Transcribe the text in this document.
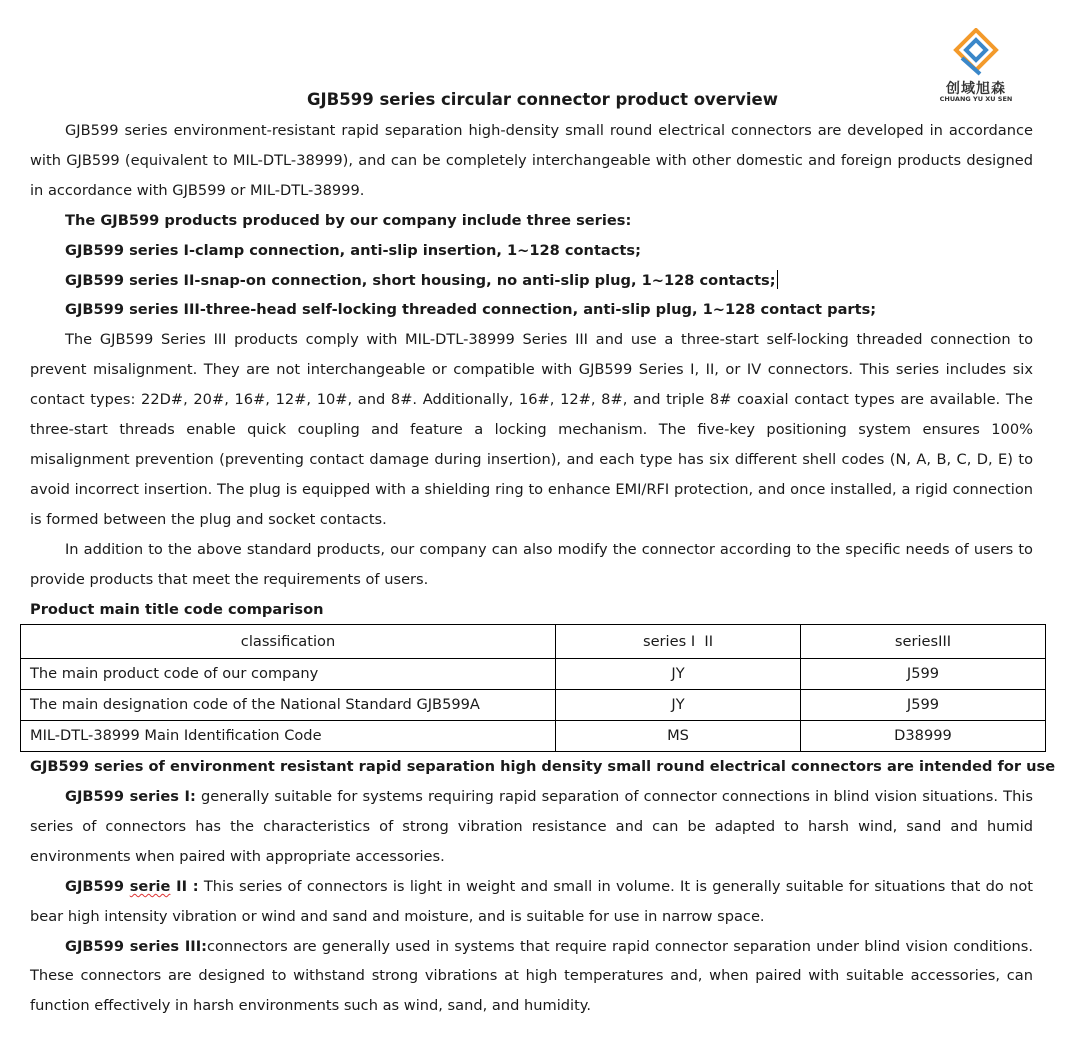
创域旭森
CHUANG YU XU SEN
GJB599 series circular connector product overview

GJB599 series environment-resistant rapid separation high-density small round electrical connectors are developed in accordance with GJB599 (equivalent to MIL-DTL-38999), and can be completely interchangeable with other domestic and foreign products designed in accordance with GJB599 or MIL-DTL-38999.

The GJB599 products produced by our company include three series:

GJB599 series I-clamp connection, anti-slip insertion, 1~128 contacts;

GJB599 series II-snap-on connection, short housing, no anti-slip plug, 1~128 contacts;

GJB599 series III-three-head self-locking threaded connection, anti-slip plug, 1~128 contact parts;

The GJB599 Series III products comply with MIL-DTL-38999 Series III and use a three-start self-locking threaded connection to prevent misalignment. They are not interchangeable or compatible with GJB599 Series I, II, or IV connectors. This series includes six contact types: 22D#, 20#, 16#, 12#, 10#, and 8#. Additionally, 16#, 12#, 8#, and triple 8# coaxial contact types are available. The three-start threads enable quick coupling and feature a locking mechanism. The five-key positioning system ensures 100% misalignment prevention (preventing contact damage during insertion), and each type has six different shell codes (N, A, B, C, D, E) to avoid incorrect insertion. The plug is equipped with a shielding ring to enhance EMI/RFI protection, and once installed, a rigid connection is formed between the plug and socket contacts.

In addition to the above standard products, our company can also modify the connector according to the specific needs of users to provide products that meet the requirements of users.

Product main title code comparison

classification	series I  II	seriesIII
The main product code of our company	JY	J599
The main designation code of the National Standard GJB599A	JY	J599
MIL-DTL-38999 Main Identification Code	MS	D38999

GJB599 series of environment resistant rapid separation high density small round electrical connectors are intended for use

GJB599 series I: generally suitable for systems requiring rapid separation of connector connections in blind vision situations. This series of connectors has the characteristics of strong vibration resistance and can be adapted to harsh wind, sand and humid environments when paired with appropriate accessories.

GJB599 serie II : This series of connectors is light in weight and small in volume. It is generally suitable for situations that do not bear high intensity vibration or wind and sand and moisture, and is suitable for use in narrow space.

GJB599 series III:connectors are generally used in systems that require rapid connector separation under blind vision conditions. These connectors are designed to withstand strong vibrations at high temperatures and, when paired with suitable accessories, can function effectively in harsh environments such as wind, sand, and humidity.
